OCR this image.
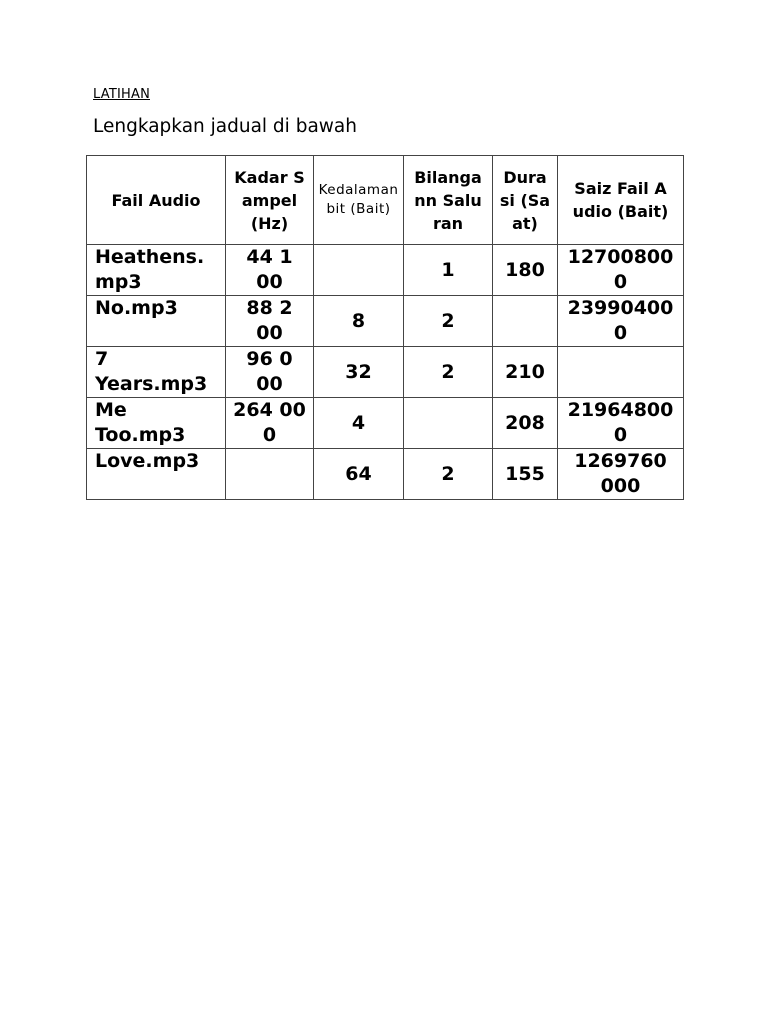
LATIHAN
Lengkapkan jadual di bawah
Fail Audio	Kadar Sampel (Hz)	Kedalaman bit (Bait)	Bilangann Saluran	Durasi (Saat)	Saiz Fail Audio (Bait)

Heathens.mp3	44 100		1	180	127008000

No.mp3	88 200	8	2		239904000

7 Years.mp3	96 000	32	2	210	

Me Too.mp3	264 000	4		208	219648000

Love.mp3		64	2	155	1269760 000
